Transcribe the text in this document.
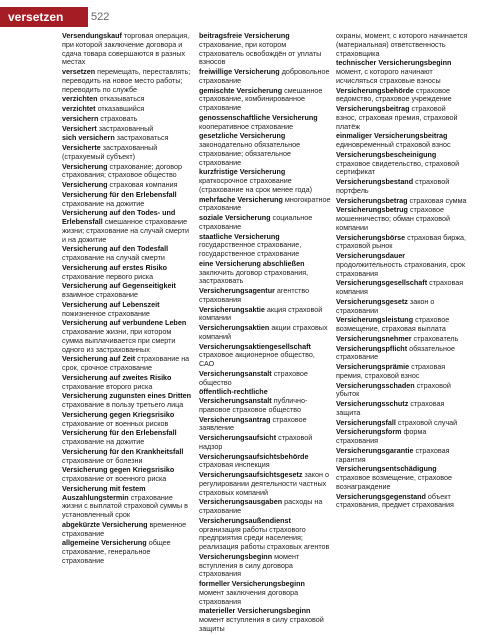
versetzen	522
Versendungskauf торговая операция, при которой заключение договора и сдача товара совершаются в разных местах
versetzen перемещать, переставлять; переводить на новое место работы; переводить по службе
verzichten отказываться
verzichtet отказавшийся
versichern страховать
Versichert застрахованный
sich versichern застраховаться
Versicherte застрахованный (страхуемый субъект)
Versicherung страхование; договор страхования; страховое общество
Versicherung страховая компания
Versicherung für den Erlebensfall страхование на дожитие
Versicherung auf den Todes- und Erlebensfall смешанное страхование жизни; страхование на случай смерти и на дожитие
Versicherung auf den Todesfall страхование на случай смерти
Versicherung auf erstes Risiko страхование первого риска
Versicherung auf Gegenseitigkeit взаимное страхование
Versicherung auf Lebenszeit пожизненное страхование
Versicherung auf verbundene Leben страхование жизни, при котором сумма выплачивается при смерти одного из застрахованных
Versicherung auf Zeit страхование на срок, срочное страхование
Versicherung auf zweites Risiko страхование второго риска
Versicherung zugunsten eines Dritten страхование в пользу третьего лица
Versicherung gegen Kriegsrisiko страхование от военных рисков
Versicherung für den Erlebensfall страхование на дожитие
Versicherung für den Krankheitsfall страхование от болезни
Versicherung gegen Kriegsrisiko страхование от военного риска
Versicherung mit festem Auszahlungstermin страхование жизни с выплатой страховой суммы в установленный срок
abgekürzte Versicherung временное страхование
allgemeine Versicherung общее страхование, генеральное страхование
beitragsfreie Versicherung страхование, при котором страхователь освобождён от уплаты взносов
freiwillige Versicherung добровольное страхование
gemischte Versicherung смешанное страхование, комбинированное страхование
genossenschaftliche Versicherung кооперативное страхование
gesetzliche Versicherung законодательно обязательное страхование; обязательное страхование
kurzfristige Versicherung краткосрочное страхование (страхование на срок менее года)
mehrfache Versicherung многократное страхование
soziale Versicherung социальное страхование
staatliche Versicherung государственное страхование, государственное страхование
eine Versicherung abschließen заключить договор страхования, застраховать
Versicherungsagentur агентство страхования
Versicherungsaktie акция страховой компании
Versicherungsaktien акции страховых компаний
Versicherungsaktiengesellschaft страховое акционерное общество, САО
Versicherungsanstalt страховое общество
öffentlich-rechtliche Versicherungsanstalt публично-правовое страховое общество
Versicherungsantrag страховое заявление
Versicherungsaufsicht страховой надзор
Versicherungsaufsichtsbehörde страховая инспекция
Versicherungsaufsichtsgesetz закон о регулировании деятельности частных страховых компаний
Versicherungsausgaben расходы на страхование
Versicherungsaußendienst организация работы страхового предприятия среди населения; реализация работы страховых агентов
Versicherungsbeginn момент вступления в силу договора страхования
formeller Versicherungsbeginn момент заключения договора страхования
materieller Versicherungsbeginn момент вступления в силу страховой защиты
охраны, момент, с которого начинается (материальная) ответственность страховщика
technischer Versicherungsbeginn момент, с которого начинают исчисляться страховые взносы
Versicherungsbehörde страховое ведомство, страховое учреждение
Versicherungsbeitrag страховой взнос, страховая премия, страховой платёж
einmaliger Versicherungsbeitrag единовременный страховой взнос
Versicherungsbescheinigung страховое свидетельство, страховой сертификат
Versicherungsbestand страховой портфель
Versicherungsbetrag страховая сумма
Versicherungsbetrug страховое мошенничество; обман страховой компании
Versicherungsbörse страховая биржа, страховой рынок
Versicherungsdauer продолжительность страхования, срок страхования
Versicherungsgesellschaft страховая компания
Versicherungsgesetz закон о страховании
Versicherungsleistung страховое возмещение, страховая выплата
Versicherungsnehmer страхователь
Versicherungspflicht обязательное страхование
Versicherungsprämie страховая премия, страховой взнос
Versicherungsschaden страховой убыток
Versicherungsschutz страховая защита
Versicherungsfall страховой случай
Versicherungsform форма страхования
Versicherungsgarantie страховая гарантия
Versicherungsentschädigung страховое возмещение, страховое вознаграждение
Versicherungsgegenstand объект страхования, предмет страхования
